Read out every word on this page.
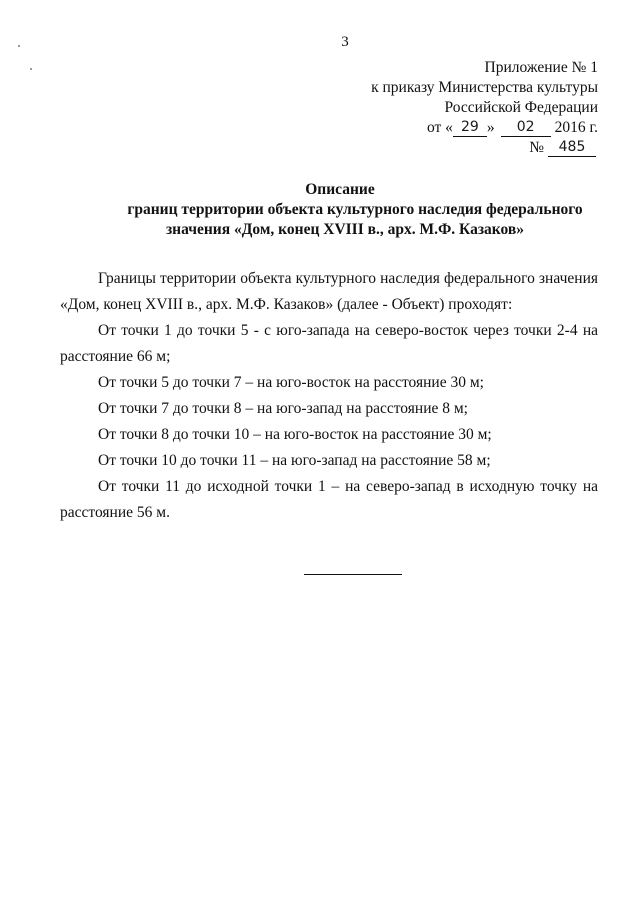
3
Приложение № 1
к приказу Министерства культуры
Российской Федерации
от « 29 » 02 2016 г.
№ 485
Описание
границ территории объекта культурного наследия федерального
значения «Дом, конец XVIII в., арх. М.Ф. Казаков»

Границы территории объекта культурного наследия федерального значения «Дом, конец XVIII в., арх. М.Ф. Казаков» (далее - Объект) проходят:

От точки 1 до точки 5 - с юго-запада на северо-восток через точки 2-4 на расстояние 66 м;

От точки 5 до точки 7 – на юго-восток на расстояние 30 м;

От точки 7 до точки 8 – на юго-запад на расстояние 8 м;

От точки 8 до точки 10 – на юго-восток на расстояние 30 м;

От точки 10 до точки 11 – на юго-запад на расстояние 58 м;

От точки 11 до исходной точки 1 – на северо-запад в исходную точку на расстояние 56 м.
